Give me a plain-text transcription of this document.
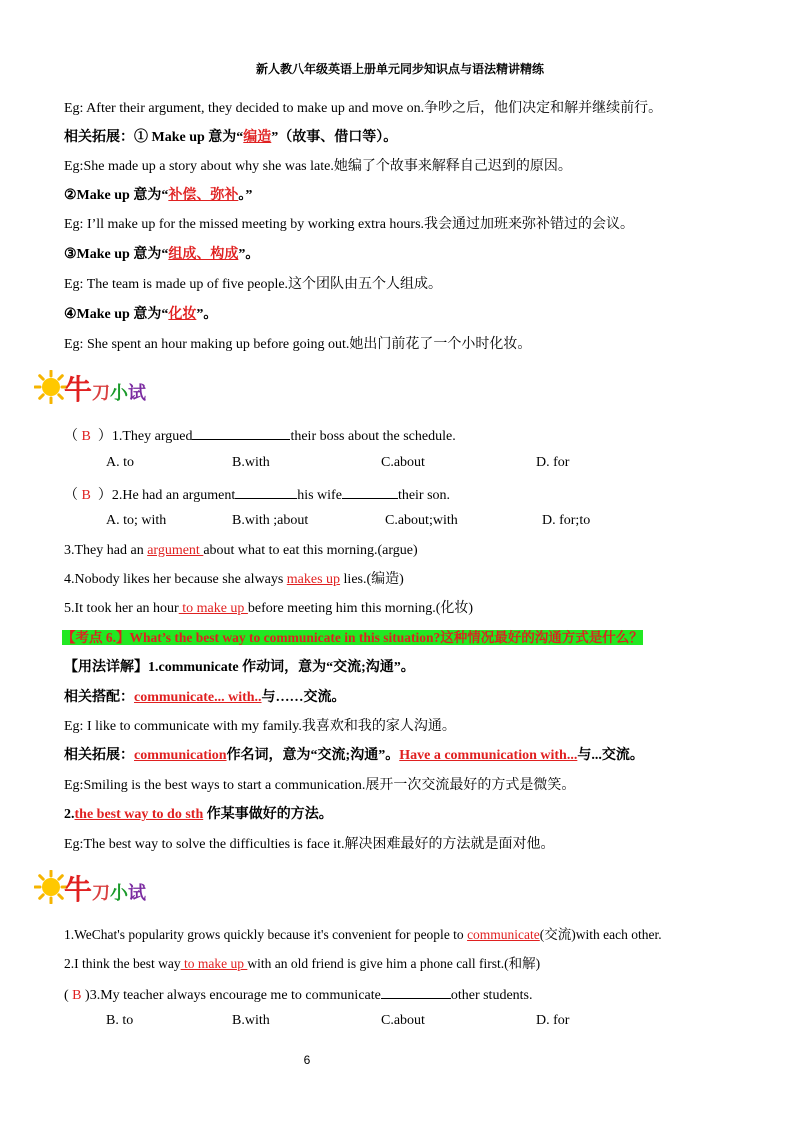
新人教八年级英语上册单元同步知识点与语法精讲精练
Eg: After their argument, they decided to make up and move on.争吵之后，他们决定和解并继续前行。
相关拓展：① Make up 意为“编造”（故事、借口等）。
Eg:She made up a story about why she was late.她编了个故事来解释自己迟到的原因。
②Make up 意为“补偿、弥补。”
Eg: I’ll make up for the missed meeting by working extra hours.我会通过加班来弥补错过的会议。
③Make up 意为“组成、构成”。
Eg: The team is made up of five people.这个团队由五个人组成。
④Make up 意为“化妆”。
Eg: She spent an hour making up before going out.她出门前花了一个小时化妆。
牛刀小试
（ B ）1.They argued	their boss about the schedule.
A. to	B.with	C.about	D. for
（ B ）2.He had an argument	his wife	their son.
A. to; with	B.with ;about	C.about;with	D. for;to
3.They had an argument about what to eat this morning.(argue)
4.Nobody likes her because she always makes up lies.(编造)
5.It took her an hour to make up before meeting him this morning.(化妆)
【考点 6.】What’s the best way to communicate in this situation?这种情况最好的沟通方式是什么？
【用法详解】1.communicate 作动词，意为“交流;沟通”。
相关搭配：communicate... with..与……交流。
Eg: I like to communicate with my family.我喜欢和我的家人沟通。
相关拓展：communication作名词，意为“交流;沟通”。Have a communication with...与...交流。
Eg:Smiling is the best ways to start a communication.展开一次交流最好的方式是微笑。
2.the best way to do sth 作某事做好的方法。
Eg:The best way to solve the difficulties is face it.解决困难最好的方法就是面对他。
牛刀小试
1.WeChat's popularity grows quickly because it's convenient for people to communicate(交流)with each other.
2.I think the best way to make up with an old friend is give him a phone call first.(和解)
( B )3.My teacher always encourage me to communicate	other students.
B. to	B.with	C.about	D. for
6
